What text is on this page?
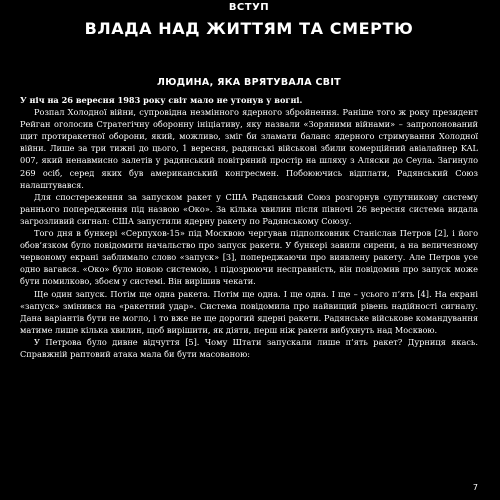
ВСТУП
ВЛАДА НАД ЖИТТЯМ ТА СМЕРТЮ
ЛЮДИНА, ЯКА ВРЯТУВАЛА СВІТ

У ніч на 26 вересня 1983 року світ мало не утонув у вогні.

Розпал Холодної війни, супровідна незмінного ядерного збройнення. Раніше того ж року президент Рейган оголосив Стратегічну оборонну ініціативу, яку назвали «Зоряними війнами» – запропонований щит протиракетної оборони, який, можливо, зміг би зламати баланс ядерного стримування Холодної війни. Лише за три тижні до цього, 1 вересня, радянські військові збили комерційний авіалайнер KAL 007, який ненавмисно залетів у радянський повітряний простір на шляху з Аляски до Сеула. Загинуло 269 осіб, серед яких був американський конгресмен. Побоюючись відплати, Радянський Союз налаштувався.

Для спостереження за запуском ракет у США Радянський Союз розгорнув супутникову систему раннього попередження під назвою «Око». За кілька хвилин після півночі 26 вересня система видала загрозливий сигнал: США запустили ядерну ракету по Радянському Союзу.

Того дня в бункері «Серпухов-15» під Москвою чергував підполковник Станіслав Петров [2], і його обов’язком було повідомити начальство про запуск ракети. У бункері завили сирени, а на величезному червоному екрані заблимало слово «запуск» [3], попереджаючи про виявлену ракету. Але Петров усе одно вагався. «Око» було новою системою, і підозрюючи несправність, він повідомив про запуск може бути помилково, збоєм у системі. Він вирішив чекати.

Ще один запуск. Потім ще одна ракета. Потім ще одна. І ще одна. І ще – усього п’ять [4]. На екрані «запуск» змінився на «ракетний удар». Система повідомила про найвищий рівень надійності сигналу. Дана варіантів бути не могло, і то вже не ще дорогий ядерні ракети. Радянське військове командування матиме лише кілька хвилин, щоб вирішити, як діяти, перш ніж ракети вибухнуть над Москвою.

У Петрова було дивне відчуття [5]. Чому Штати запускали лише п’ять ракет? Дурниця якась. Справжній раптовий атака мала би бути масованою:

7
